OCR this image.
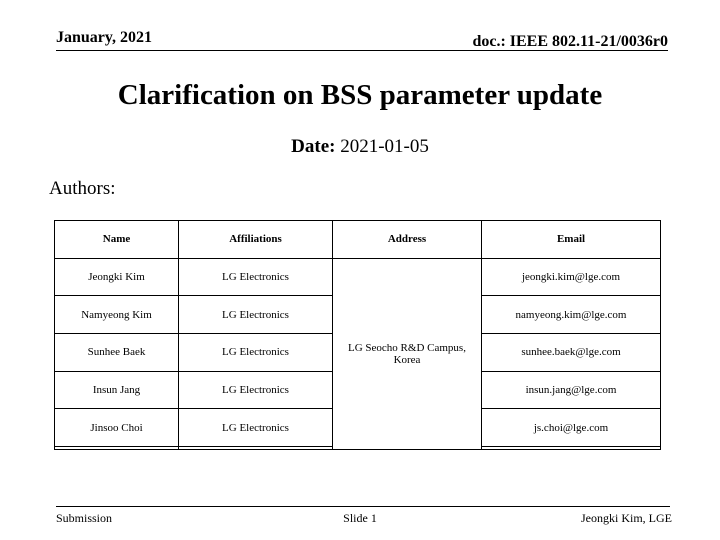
January, 2021	doc.: IEEE 802.11-21/0036r0
Clarification on BSS parameter update
Date: 2021-01-05
Authors:
Name	Affiliations	Address	Email
Jeongki Kim	LG Electronics	LG Seocho R&D Campus, Korea	jeongki.kim@lge.com
Namyeong Kim	LG Electronics		namyeong.kim@lge.com
Sunhee Baek	LG Electronics		sunhee.baek@lge.com
Insun Jang	LG Electronics		insun.jang@lge.com
Jinsoo Choi	LG Electronics		js.choi@lge.com

Submission	Slide 1	Jeongki Kim, LGE
